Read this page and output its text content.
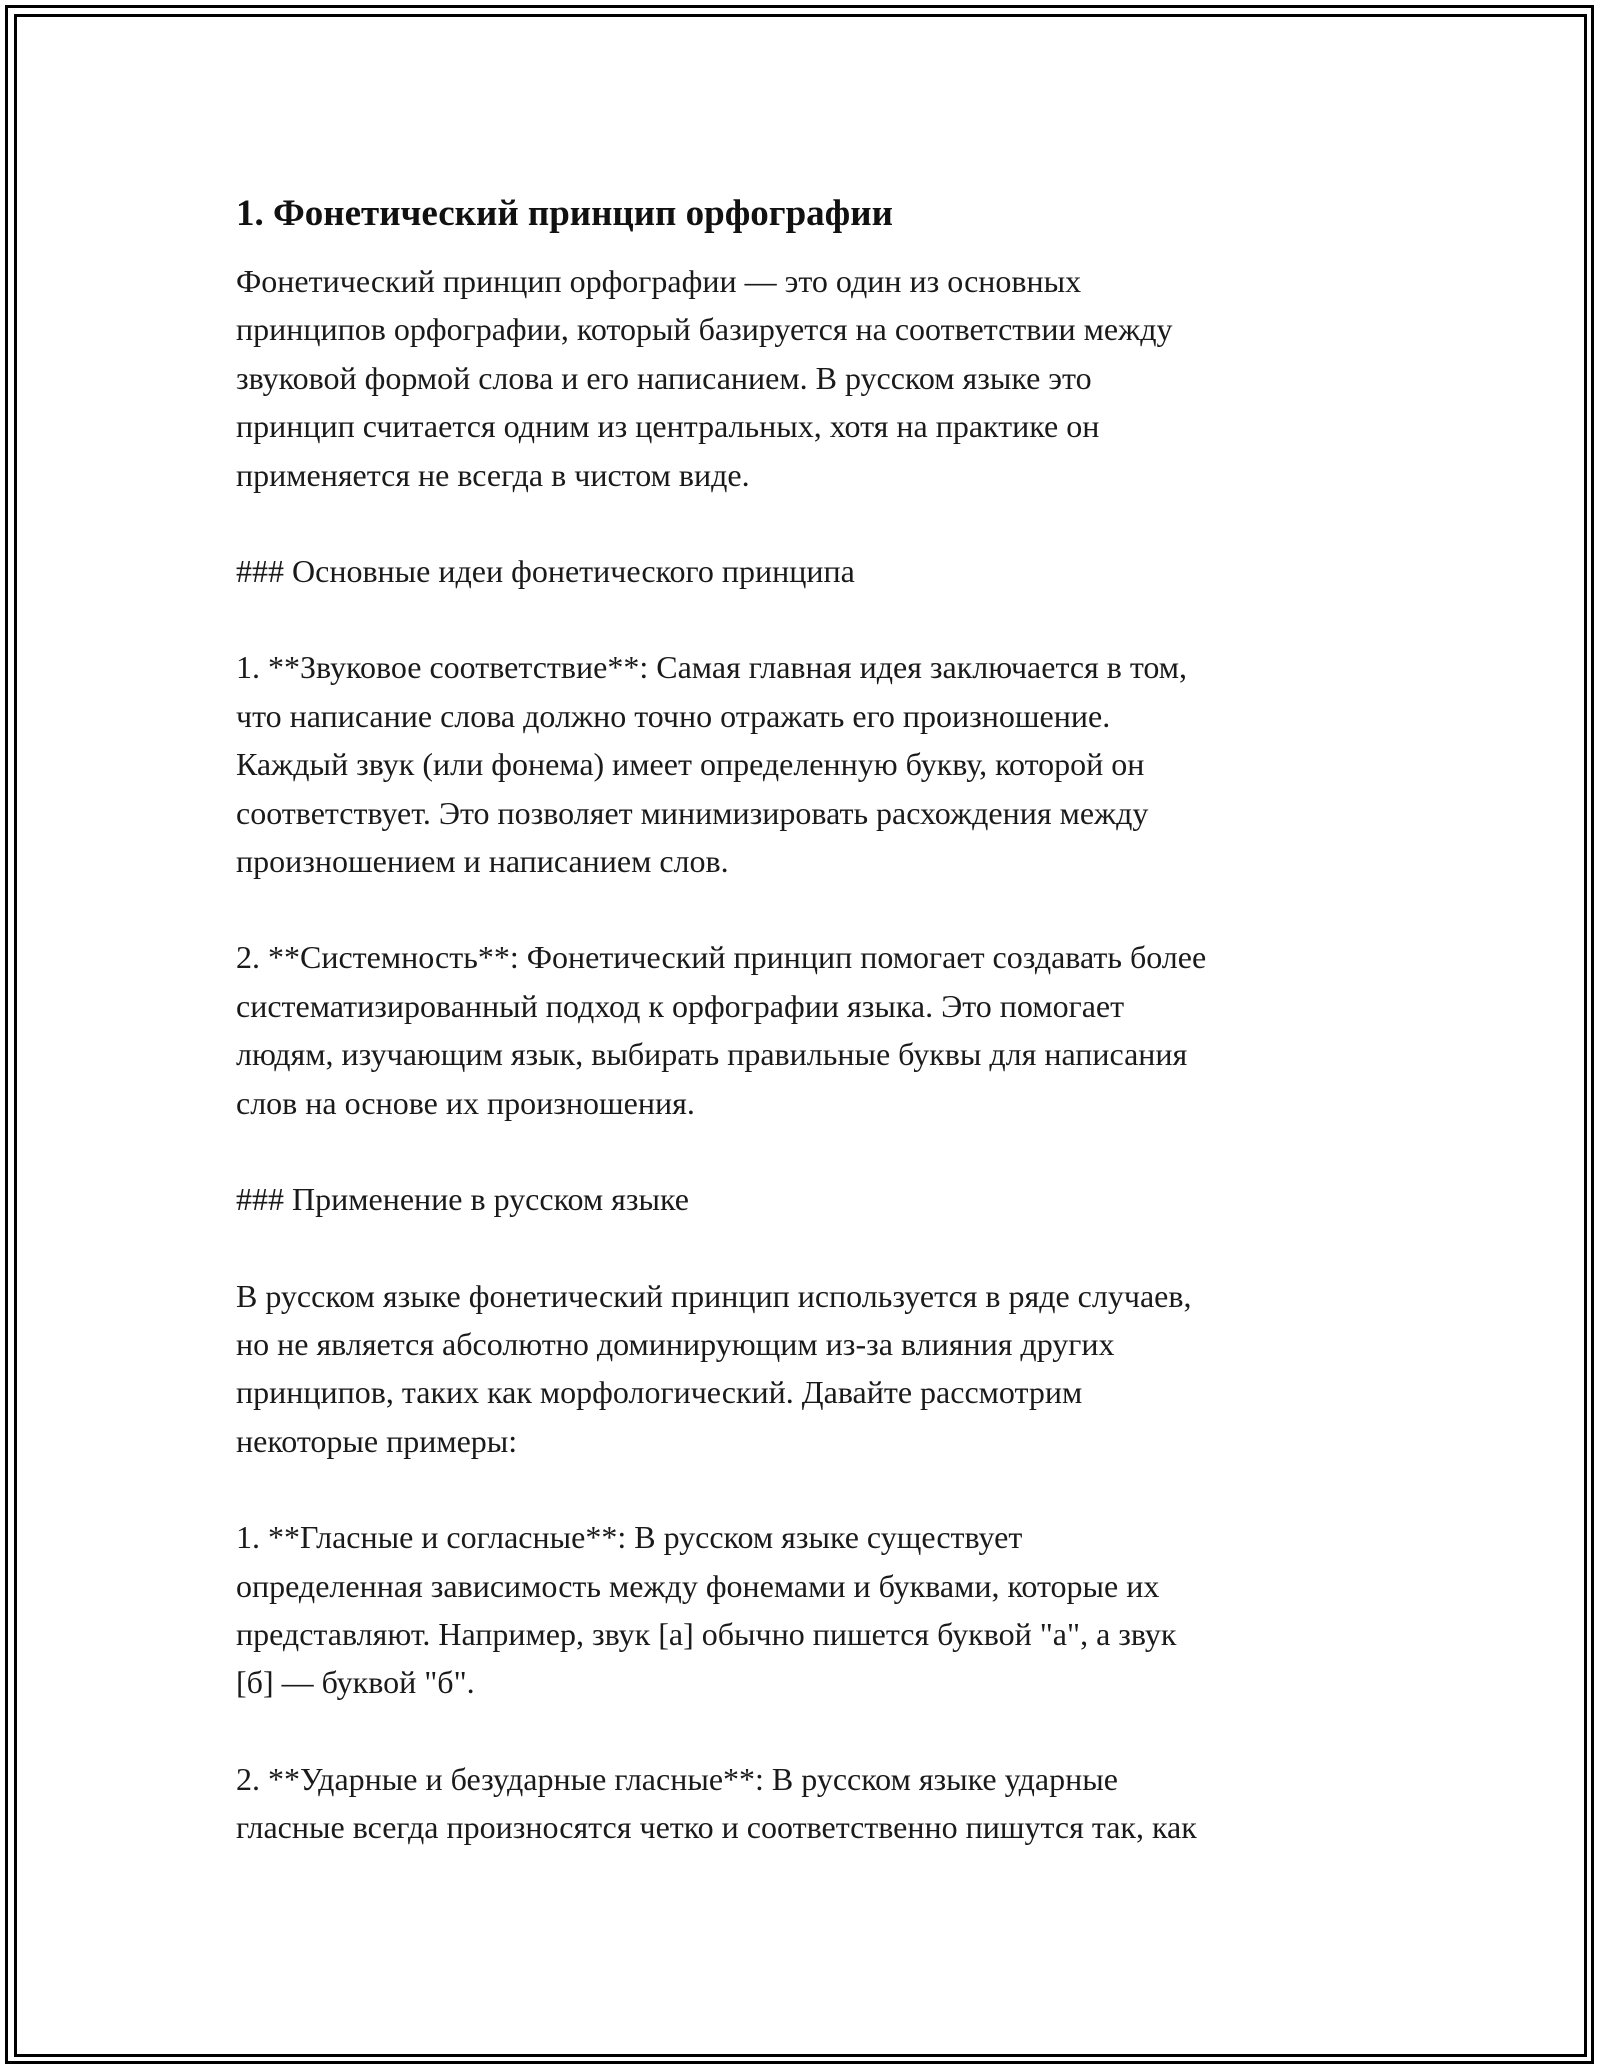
1. Фонетический принцип орфографии

Фонетический принцип орфографии — это один из основных
принципов орфографии, который базируется на соответствии между
звуковой формой слова и его написанием. В русском языке это
принцип считается одним из центральных, хотя на практике он
применяется не всегда в чистом виде.

### Основные идеи фонетического принципа

1. **Звуковое соответствие**: Самая главная идея заключается в том,
что написание слова должно точно отражать его произношение.
Каждый звук (или фонема) имеет определенную букву, которой он
соответствует. Это позволяет минимизировать расхождения между
произношением и написанием слов.

2. **Системность**: Фонетический принцип помогает создавать более
систематизированный подход к орфографии языка. Это помогает
людям, изучающим язык, выбирать правильные буквы для написания
слов на основе их произношения.

### Применение в русском языке

В русском языке фонетический принцип используется в ряде случаев,
но не является абсолютно доминирующим из-за влияния других
принципов, таких как морфологический. Давайте рассмотрим
некоторые примеры:

1. **Гласные и согласные**: В русском языке существует
определенная зависимость между фонемами и буквами, которые их
представляют. Например, звук [а] обычно пишется буквой "а", а звук
[б] — буквой "б".

2. **Ударные и безударные гласные**: В русском языке ударные
гласные всегда произносятся четко и соответственно пишутся так, как
